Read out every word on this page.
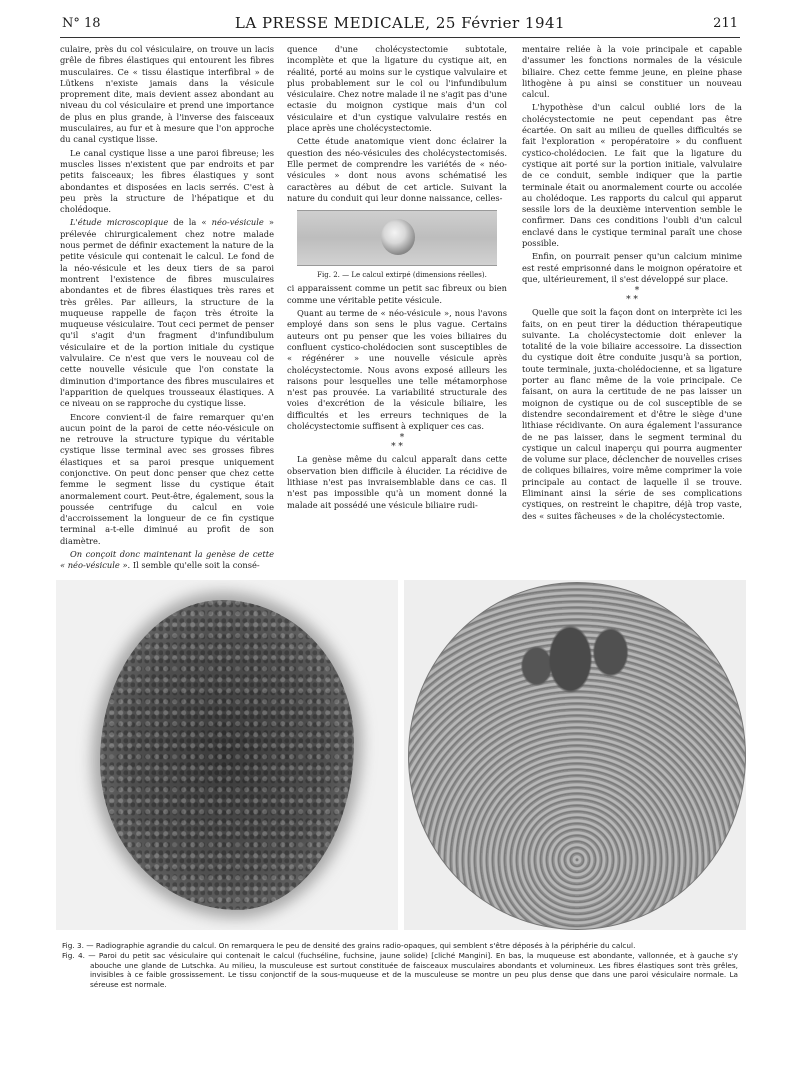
N° 18	LA PRESSE MEDICALE, 25 Février 1941	211

culaire, près du col vésiculaire, on trouve un lacis grêle de fibres élastiques qui entourent les fibres musculaires. Ce « tissu élastique interfibral » de Lütkens n'existe jamais dans la vésicule proprement dite, mais devient assez abondant au niveau du col vésiculaire et prend une importance de plus en plus grande, à l'inverse des faisceaux musculaires, au fur et à mesure que l'on approche du canal cystique lisse.

Le canal cystique lisse a une paroi fibreuse; les muscles lisses n'existent que par endroits et par petits faisceaux; les fibres élastiques y sont abondantes et disposées en lacis serrés. C'est à peu près la structure de l'hépatique et du cholédoque.

L'étude microscopique de la « néo-vésicule » prélevée chirurgicalement chez notre malade nous permet de définir exactement la nature de la petite vésicule qui contenait le calcul. Le fond de la néo-vésicule et les deux tiers de sa paroi montrent l'existence de fibres musculaires abondantes et de fibres élastiques très rares et très grêles. Par ailleurs, la structure de la muqueuse rappelle de façon très étroite la muqueuse vésiculaire. Tout ceci permet de penser qu'il s'agit d'un fragment d'infundibulum vésiculaire et de la portion initiale du cystique valvulaire. Ce n'est que vers le nouveau col de cette nouvelle vésicule que l'on constate la diminution d'importance des fibres musculaires et l'apparition de quelques trousseaux élastiques. A ce niveau on se rapproche du cystique lisse.

Encore convient-il de faire remarquer qu'en aucun point de la paroi de cette néo-vésicule on ne retrouve la structure typique du véritable cystique lisse terminal avec ses grosses fibres élastiques et sa paroi presque uniquement conjonctive. On peut donc penser que chez cette femme le segment lisse du cystique était anormalement court. Peut-être, également, sous la poussée centrifuge du calcul en voie d'accroissement la longueur de ce fin cystique terminal a-t-elle diminué au profit de son diamètre.

On conçoit donc maintenant la genèse de cette « néo-vésicule ». Il semble qu'elle soit la consé-

quence d'une cholécystectomie subtotale, incomplète et que la ligature du cystique ait, en réalité, porté au moins sur le cystique valvulaire et plus probablement sur le col ou l'infundibulum vésiculaire. Chez notre malade il ne s'agit pas d'une ectasie du moignon cystique mais d'un col vésiculaire et d'un cystique valvulaire restés en place après une cholécystectomie.

Cette étude anatomique vient donc éclairer la question des néo-vésicules des cholécystectomisés. Elle permet de comprendre les variétés de « néo-vésicules » dont nous avons schématisé les caractères au début de cet article. Suivant la nature du conduit qui leur donne naissance, celles-

Fig. 2. — Le calcul extirpé (dimensions réelles).

ci apparaissent comme un petit sac fibreux ou bien comme une véritable petite vésicule.

Quant au terme de « néo-vésicule », nous l'avons employé dans son sens le plus vague. Certains auteurs ont pu penser que les voies biliaires du confluent cystico-cholédocien sont susceptibles de « régénérer » une nouvelle vésicule après cholécystectomie. Nous avons exposé ailleurs les raisons pour lesquelles une telle métamorphose n'est pas prouvée. La variabilité structurale des voies d'excrétion de la vésicule biliaire, les difficultés et les erreurs techniques de la cholécystectomie suffisent à expliquer ces cas.

*
* *

La genèse même du calcul apparaît dans cette observation bien difficile à élucider. La récidive de lithiase n'est pas invraisemblable dans ce cas. Il n'est pas impossible qu'à un moment donné la malade ait possédé une vésicule biliaire rudi-

mentaire reliée à la voie principale et capable d'assumer les fonctions normales de la vésicule biliaire. Chez cette femme jeune, en pleine phase lithogène à pu ainsi se constituer un nouveau calcul.

L'hypothèse d'un calcul oublié lors de la cholécystectomie ne peut cependant pas être écartée. On sait au milieu de quelles difficultés se fait l'exploration « peropératoire » du confluent cystico-cholédocien. Le fait que la ligature du cystique ait porté sur la portion initiale, valvulaire de ce conduit, semble indiquer que la partie terminale était ou anormalement courte ou accolée au cholédoque. Les rapports du calcul qui apparut sessile lors de la deuxième intervention semble le confirmer. Dans ces conditions l'oubli d'un calcul enclavé dans le cystique terminal paraît une chose possible.

Enfin, on pourrait penser qu'un calcium minime est resté emprisonné dans le moignon opératoire et que, ultérieurement, il s'est développé sur place.

*
* *

Quelle que soit la façon dont on interprète ici les faits, on en peut tirer la déduction thérapeutique suivante. La cholécystectomie doit enlever la totalité de la voie biliaire accessoire. La dissection du cystique doit être conduite jusqu'à sa portion, toute terminale, juxta-cholédocienne, et sa ligature porter au flanc même de la voie principale. Ce faisant, on aura la certitude de ne pas laisser un moignon de cystique ou de col susceptible de se distendre secondairement et d'être le siège d'une lithiase récidivante. On aura également l'assurance de ne pas laisser, dans le segment terminal du cystique un calcul inaperçu qui pourra augmenter de volume sur place, déclencher de nouvelles crises de coliques biliaires, voire même comprimer la voie principale au contact de laquelle il se trouve. Eliminant ainsi la série de ses complications cystiques, on restreint le chapitre, déjà trop vaste, des « suites fâcheuses » de la cholécystectomie.

Fig. 3. — Radiographie agrandie du calcul. On remarquera le peu de densité des grains radio-opaques, qui semblent s'être déposés à la périphérie du calcul.

Fig. 4. — Paroi du petit sac vésiculaire qui contenait le calcul (fuchséline, fuchsine, jaune solide) [cliché Mangini]. En bas, la muqueuse est abondante, vallonnée, et à gauche s'y abouche une glande de Lutschka. Au milieu, la musculeuse est surtout constituée de faisceaux musculaires abondants et volumineux. Les fibres élastiques sont très grêles, invisibles à ce faible grossissement. Le tissu conjonctif de la sous-muqueuse et de la musculeuse se montre un peu plus dense que dans une paroi vésiculaire normale. La séreuse est normale.
